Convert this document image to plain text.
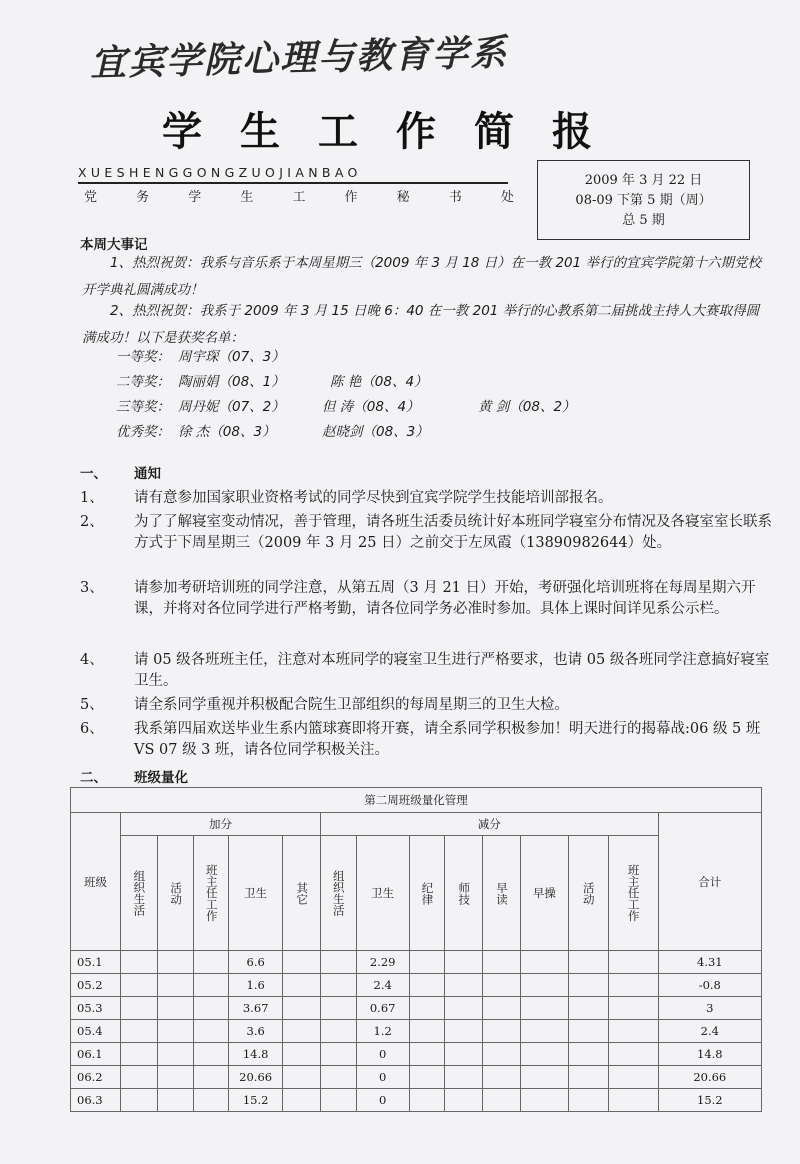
宜宾学院心理与教育学系
学生工作简报
XUESHENGGONGZUOJIANBAO
党	务	学	生	工	作	秘	书	处
2009 年 3 月 22 日
08-09 下第 5 期（周）
总 5 期
本周大事记
1、热烈祝贺：我系与音乐系于本周星期三（2009 年 3 月 18 日）在一教 201 举行的宜宾学院第十六期党校开学典礼圆满成功！
2、热烈祝贺：我系于 2009 年 3 月 15 日晚 6：40 在一教 201 举行的心教系第二届挑战主持人大赛取得圆满成功！以下是获奖名单：
一等奖： 周宇琛（07、3）
二等奖： 陶丽娟（08、1）	陈 艳（08、4）
三等奖： 周丹妮（07、2）	但 涛（08、4）	黄 剑（08、2）
优秀奖： 徐 杰（08、3）	赵晓剑（08、3）
一、 通知
1、 请有意参加国家职业资格考试的同学尽快到宜宾学院学生技能培训部报名。
2、 为了了解寝室变动情况，善于管理，请各班生活委员统计好本班同学寝室分布情况及各寝室室长联系方式于下周星期三（2009 年 3 月 25 日）之前交于左凤霞（13890982644）处。
3、 请参加考研培训班的同学注意，从第五周（3 月 21 日）开始，考研强化培训班将在每周星期六开课，并将对各位同学进行严格考勤，请各位同学务必准时参加。具体上课时间详见系公示栏。
4、 请 05 级各班班主任，注意对本班同学的寝室卫生进行严格要求，也请 05 级各班同学注意搞好寝室卫生。
5、 请全系同学重视并积极配合院生卫部组织的每周星期三的卫生大检。
6、 我系第四届欢送毕业生系内篮球赛即将开赛，请全系同学积极参加！明天进行的揭幕战:06 级 5 班 VS 07 级 3 班，请各位同学积极关注。
二、 班级量化
第二周班级量化管理														
班级	加分					减分								合计
	组织生活	活动	班主任工作	卫生	其它	组织生活	卫生	纪律	师技	早读	早操	活动	班主任工作	
05.1				6.6			2.29							4.31
05.2				1.6			2.4							-0.8
05.3				3.67			0.67							3
05.4				3.6			1.2							2.4
06.1				14.8			0							14.8
06.2				20.66			0							20.66
06.3				15.2			0							15.2
